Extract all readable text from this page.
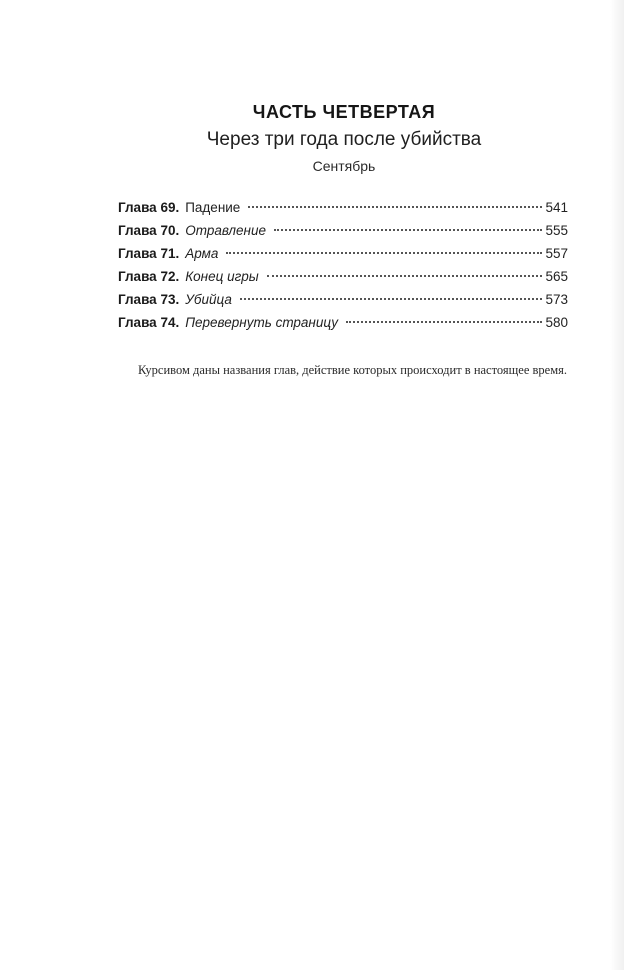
ЧАСТЬ ЧЕТВЕРТАЯ
Через три года после убийства
Сентябрь
Глава 69. Падение	541
Глава 70. Отравление	555
Глава 71. Арма	557
Глава 72. Конец игры	565
Глава 73. Убийца	573
Глава 74. Перевернуть страницу	580
Курсивом даны названия глав, действие которых происходит в настоящее время.
